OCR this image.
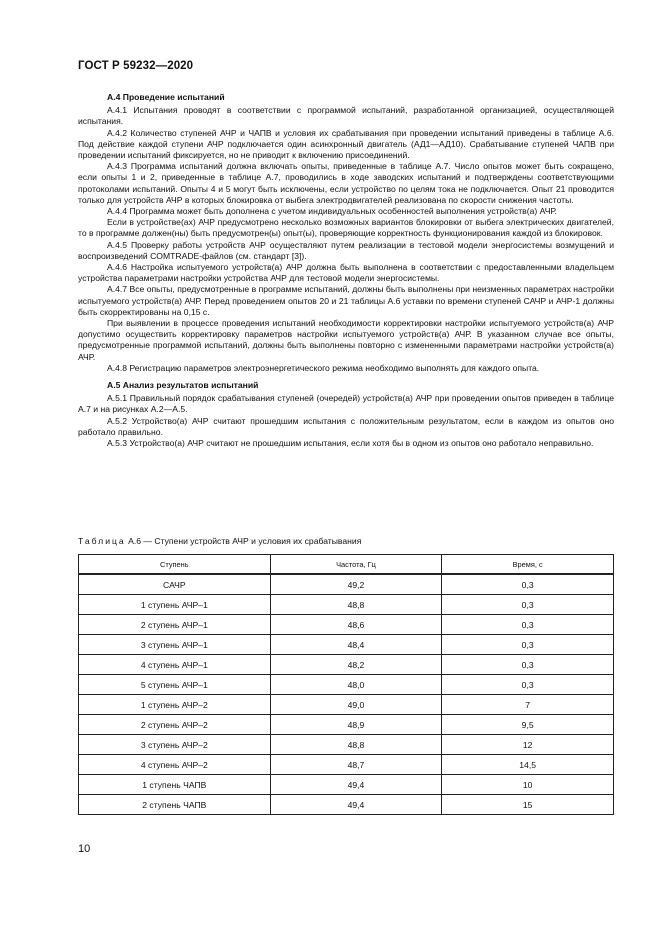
ГОСТ Р 59232—2020
А.4 Проведение испытаний

А.4.1 Испытания проводят в соответствии с программой испытаний, разработанной организацией, осуществляющей испытания.

А.4.2 Количество ступеней АЧР и ЧАПВ и условия их срабатывания при проведении испытаний приведены в таблице А.6. Под действие каждой ступени АЧР подключается один асинхронный двигатель (АД1—АД10). Срабатывание ступеней ЧАПВ при проведении испытаний фиксируется, но не приводит к включению присоединений.

А.4.3 Программа испытаний должна включать опыты, приведенные в таблице А.7. Число опытов может быть сокращено, если опыты 1 и 2, приведенные в таблице А.7, проводились в ходе заводских испытаний и подтверждены соответствующими протоколами испытаний. Опыты 4 и 5 могут быть исключены, если устройство по целям тока не подключается. Опыт 21 проводится только для устройств АЧР в которых блокировка от выбега электродвигателей реализована по скорости снижения частоты.

А.4.4 Программа может быть дополнена с учетом индивидуальных особенностей выполнения устройств(а) АЧР.

Если в устройстве(ах) АЧР предусмотрено несколько возможных вариантов блокировки от выбега электрических двигателей, то в программе должен(ны) быть предусмотрен(ы) опыт(ы), проверяющие корректность функционирования каждой из блокировок.

А.4.5 Проверку работы устройств АЧР осуществляют путем реализации в тестовой модели энергосистемы возмущений и воспроизведений COMTRADE-файлов (см. стандарт [3]).

А.4.6 Настройка испытуемого устройств(а) АЧР должна быть выполнена в соответствии с предоставленными владельцем устройства параметрами настройки устройства АЧР для тестовой модели энергосистемы.

А.4.7 Все опыты, предусмотренные в программе испытаний, должны быть выполнены при неизменных параметрах настройки испытуемого устройств(а) АЧР. Перед проведением опытов 20 и 21 таблицы А.6 уставки по времени ступеней САЧР и АЧР-1 должны быть скорректированы на 0,15 с.

При выявлении в процессе проведения испытаний необходимости корректировки настройки испытуемого устройств(а) АЧР допустимо осуществить корректировку параметров настройки испытуемого устройств(а) АЧР. В указанном случае все опыты, предусмотренные программой испытаний, должны быть выполнены повторно с измененными параметрами настройки устройств(а) АЧР.

А.4.8 Регистрацию параметров электроэнергетического режима необходимо выполнять для каждого опыта.

А.5 Анализ результатов испытаний

А.5.1 Правильный порядок срабатывания ступеней (очередей) устройств(а) АЧР при проведении опытов приведен в таблице А.7 и на рисунках А.2—А.5.

А.5.2 Устройство(а) АЧР считают прошедшим испытания с положительным результатом, если в каждом из опытов оно работало правильно.

А.5.3 Устройство(а) АЧР считают не прошедшим испытания, если хотя бы в одном из опытов оно работало неправильно.

Таблица А.6 — Ступени устройств АЧР и условия их срабатывания
Ступень	Частота, Гц	Время, с
САЧР	49,2	0,3
1 ступень АЧР–1	48,8	0,3
2 ступень АЧР–1	48,6	0,3
3 ступень АЧР–1	48,4	0,3
4 ступень АЧР–1	48,2	0,3
5 ступень АЧР–1	48,0	0,3
1 ступень АЧР–2	49,0	7
2 ступень АЧР–2	48,9	9,5
3 ступень АЧР–2	48,8	12
4 ступень АЧР–2	48,7	14,5
1 ступень ЧАПВ	49,4	10
2 ступень ЧАПВ	49,4	15
10
